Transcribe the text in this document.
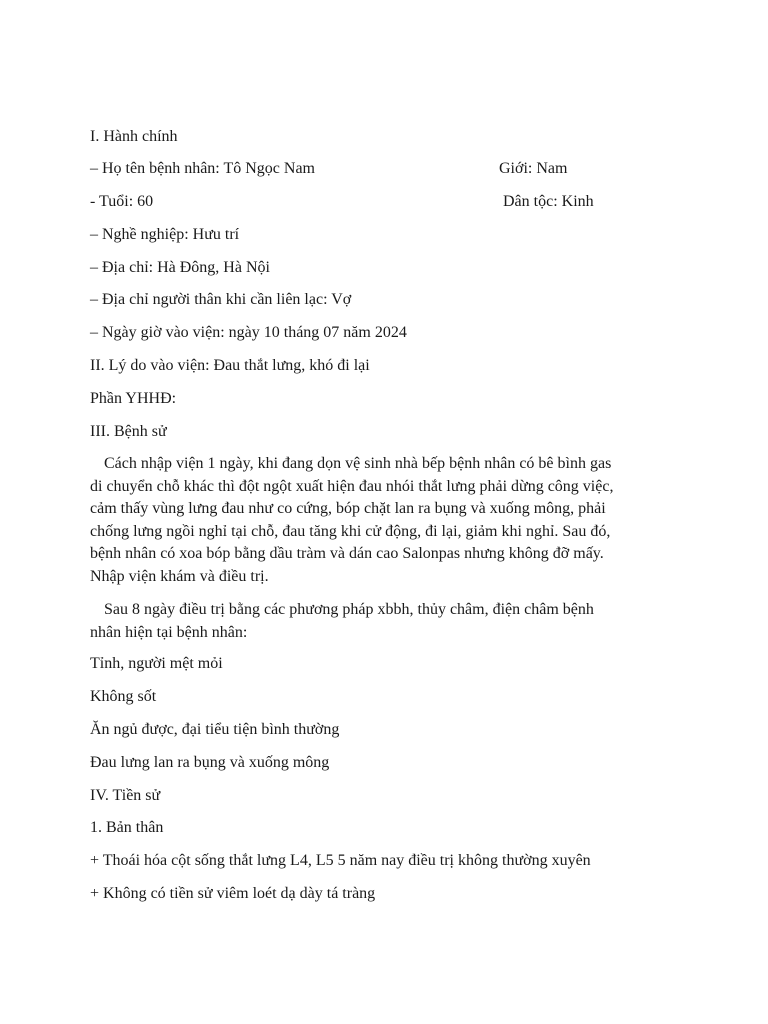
I. Hành chính
– Họ tên bệnh nhân: Tô Ngọc Nam	Giới: Nam
- Tuổi: 60	Dân tộc: Kinh
– Nghề nghiệp: Hưu trí
– Địa chỉ: Hà Đông, Hà Nội
– Địa chỉ người thân khi cần liên lạc: Vợ
– Ngày giờ vào viện: ngày 10 tháng 07 năm 2024
II. Lý do vào viện: Đau thắt lưng, khó đi lại
Phần YHHĐ:
III. Bệnh sử
Cách nhập viện 1 ngày, khi đang dọn vệ sinh nhà bếp bệnh nhân có bê bình gas
di chuyển chỗ khác thì đột ngột xuất hiện đau nhói thắt lưng phải dừng công việc,
cảm thấy vùng lưng đau như co cứng, bóp chặt lan ra bụng và xuống mông, phải
chống lưng ngồi nghỉ tại chỗ, đau tăng khi cử động, đi lại, giảm khi nghỉ. Sau đó,
bệnh nhân có xoa bóp bằng dầu tràm và dán cao Salonpas nhưng không đỡ mấy.
Nhập viện khám và điều trị.
Sau 8 ngày điều trị bằng các phương pháp xbbh, thủy châm, điện châm bệnh
nhân hiện tại bệnh nhân:
Tỉnh, người mệt mỏi
Không sốt
Ăn ngủ được, đại tiểu tiện bình thường
Đau lưng lan ra bụng và xuống mông
IV. Tiền sử
1. Bản thân
+ Thoái hóa cột sống thắt lưng L4, L5 5 năm nay điều trị không thường xuyên
+ Không có tiền sử viêm loét dạ dày tá tràng
